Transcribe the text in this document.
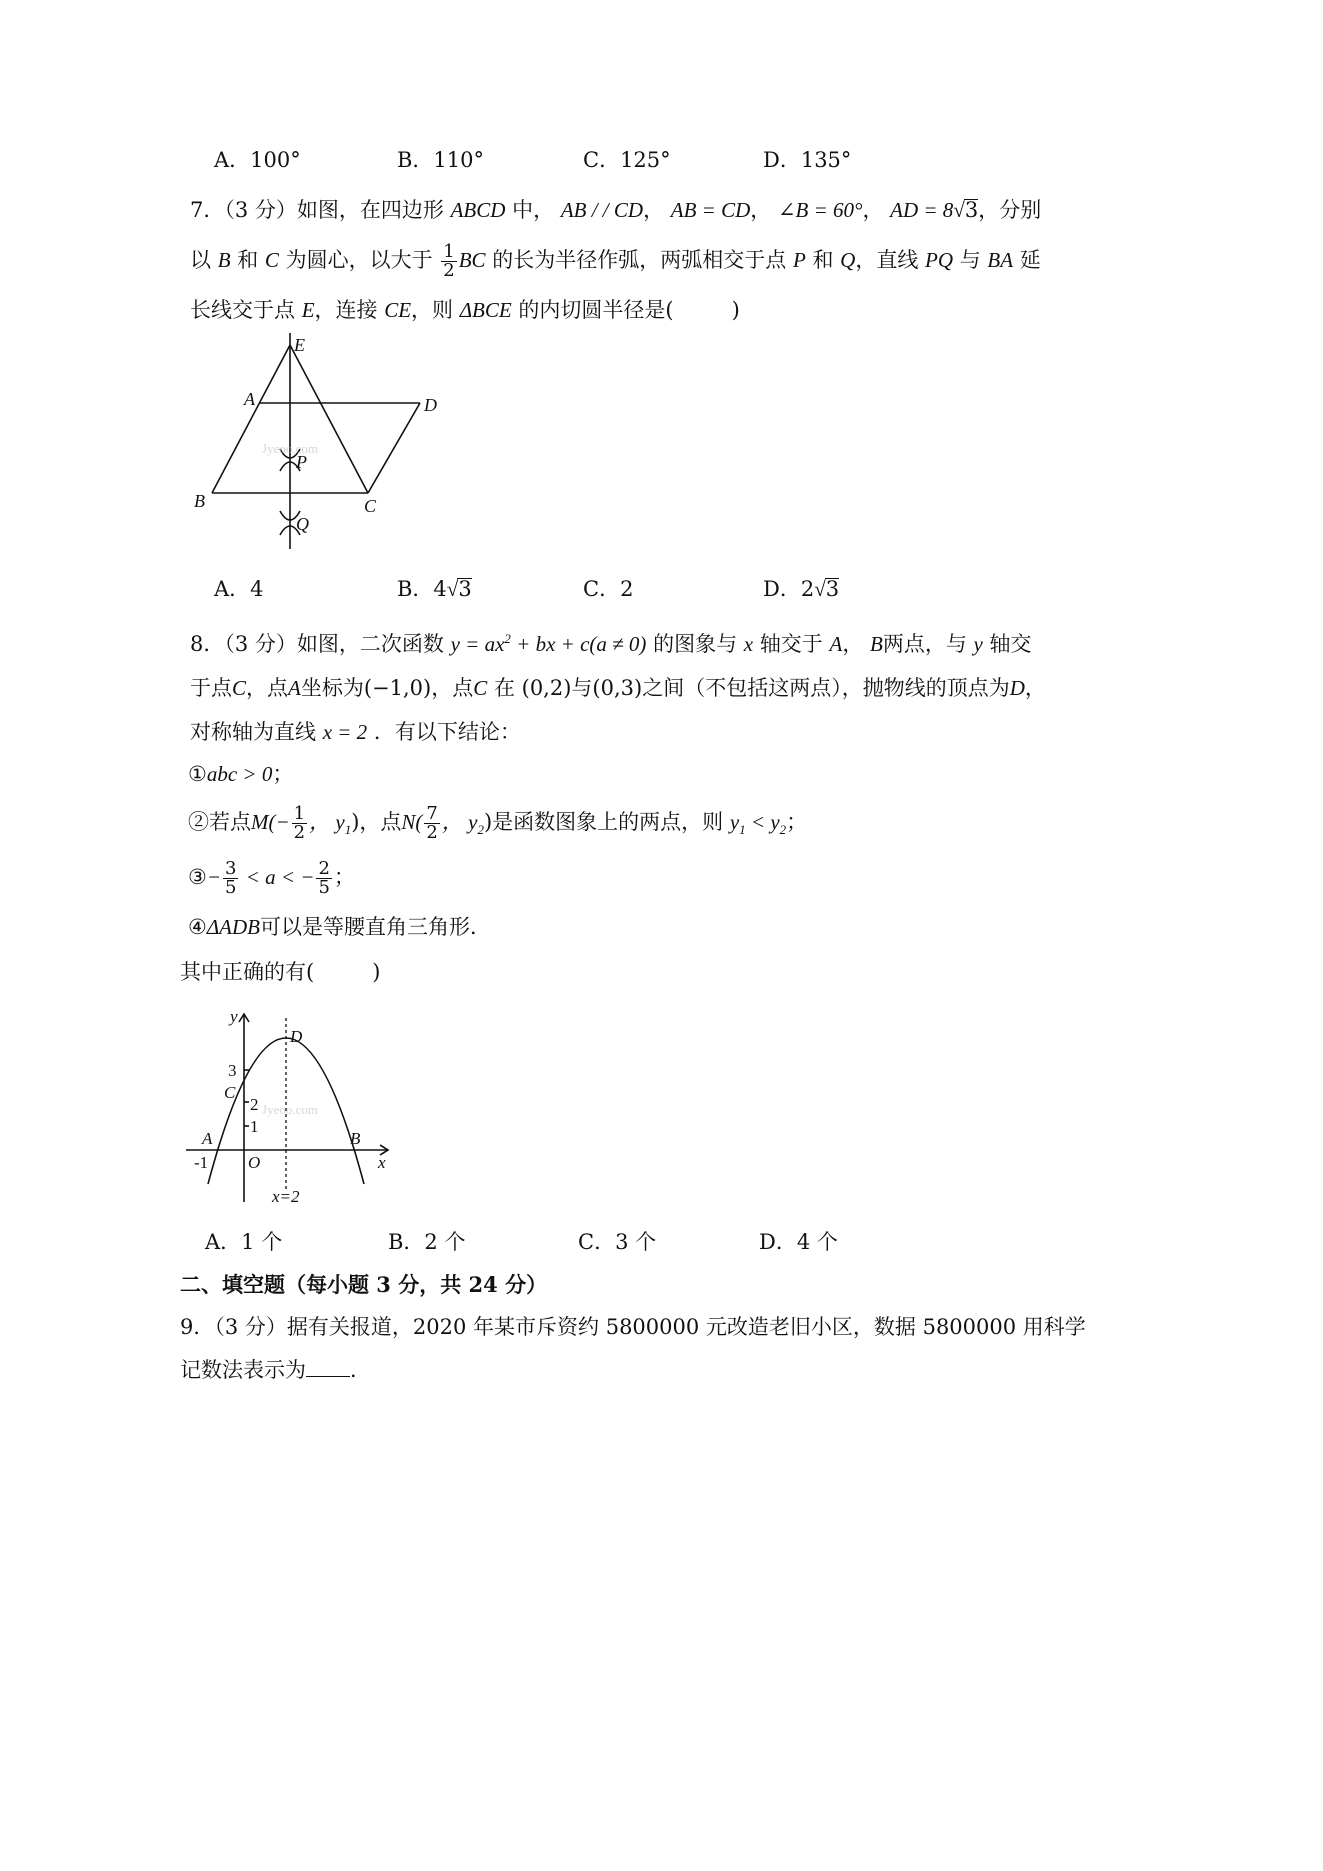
A．100°	B．110°	C．125°	D．135°
7．（3 分）如图，在四边形 ABCD 中， AB / / CD， AB = CD， ∠B = 60°， AD = 8√3，分别
以 B 和 C 为圆心，以大于 $\frac{1}{2}$ BC 的长为半径作弧，两弧相交于点 P 和 Q，直线 PQ 与 BA 延
长线交于点 E，连接 CE，则 ΔBCE 的内切圆半径是(	)
Jyeoo.com
E
A	D
P
B	C
Q
A．4	B．4√3	C．2	D．2√3
8．（3 分）如图，二次函数 $y = ax^2$ + bx + c(a ≠ 0) 的图象与 x 轴交于 A， B两点，与 y 轴交
于点C，点A坐标为(−1,0)，点C 在 (0,2)与(0,3)之间（不包括这两点），抛物线的顶点为D，
对称轴为直线 x = 2 ．有以下结论：
①abc > 0；
②若点$M(- \frac{1}{2}$ ， $y_1$)，点$N( \frac{7}{2}$ ， $y_2$)是函数图象上的两点，则 $y_1 < y_2$；
③− $\frac{3}{5} < a$ < − $\frac{2}{5}$ ；
④ΔADB可以是等腰直角三角形．
其中正确的有(	)
Jyeoo.com
y
D
3
C
2
1
A	B
-1 O	x
x=2
A．1 个	B．2 个	C．3 个	D．4 个
二、填空题（每小题 3 分，共 24 分）
9．（3 分）据有关报道，2020 年某市斥资约 5800000 元改造老旧小区，数据 5800000 用科学
记数法表示为 ．
